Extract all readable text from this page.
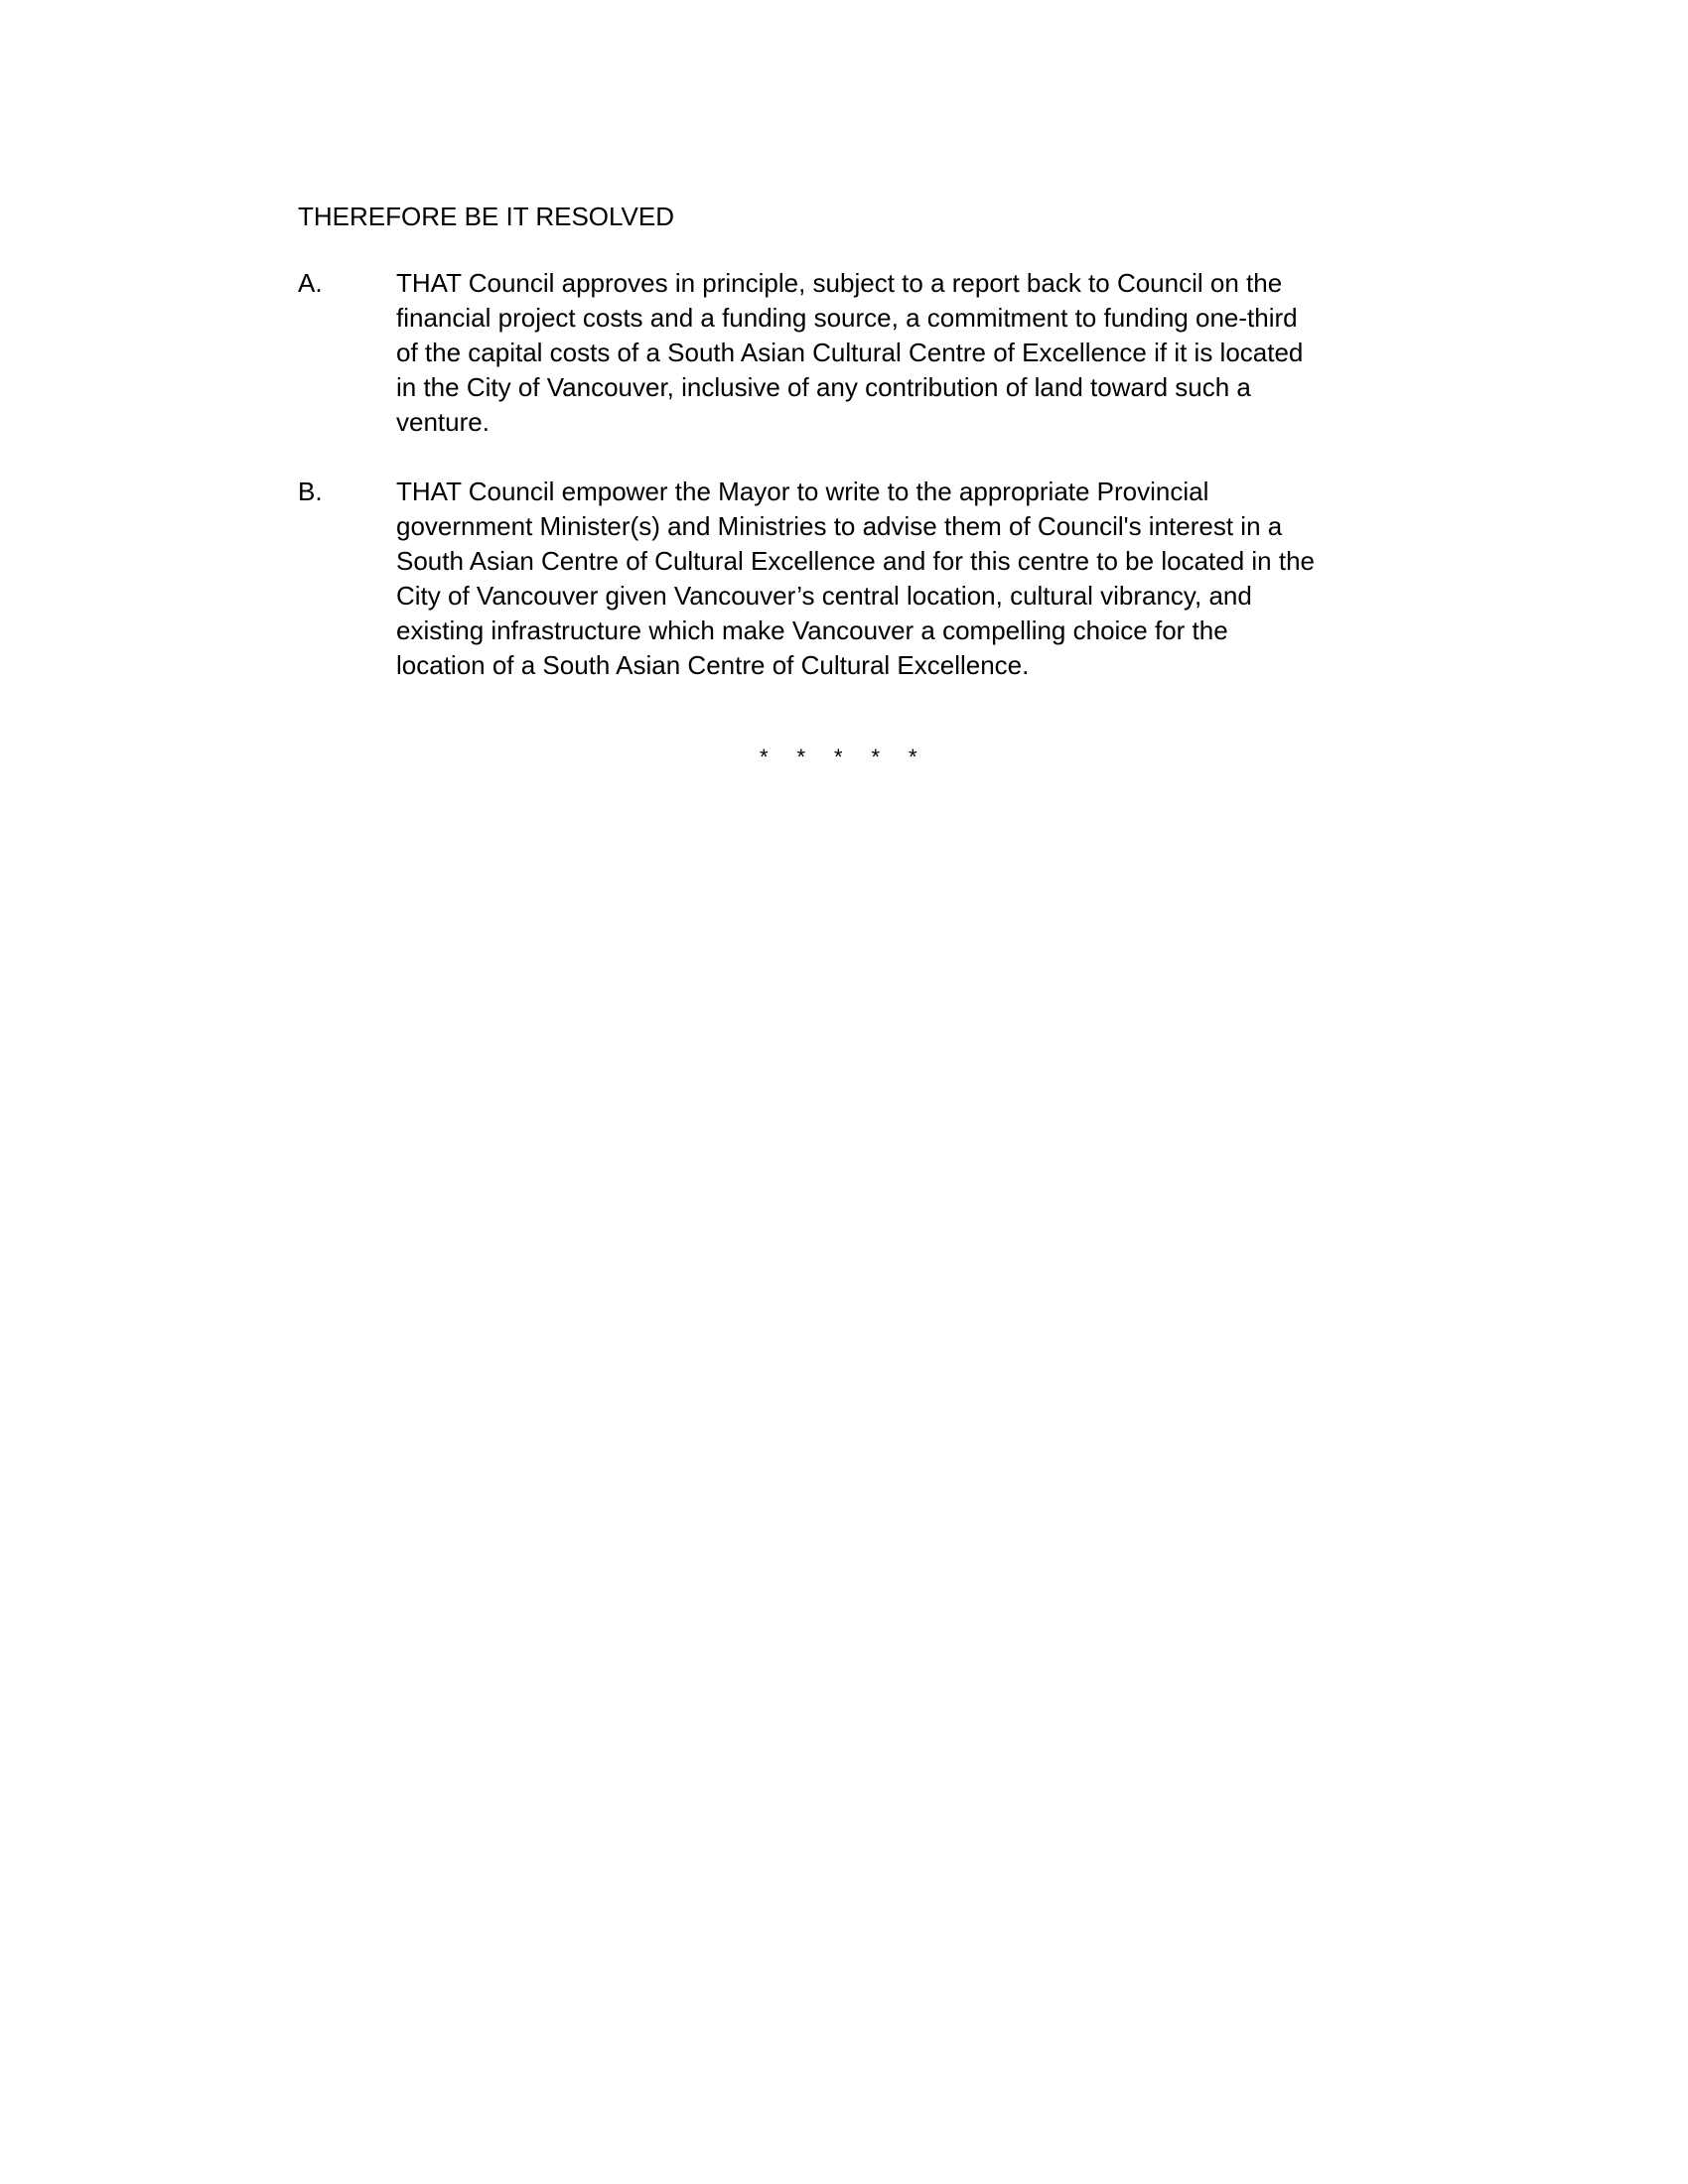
THEREFORE BE IT RESOLVED
A.	THAT Council approves in principle, subject to a report back to Council on the
financial project costs and a funding source, a commitment to funding one-third
of the capital costs of a South Asian Cultural Centre of Excellence if it is located
in the City of Vancouver, inclusive of any contribution of land toward such a
venture.
B.	THAT Council empower the Mayor to write to the appropriate Provincial
government Minister(s) and Ministries to advise them of Council's interest in a
South Asian Centre of Cultural Excellence and for this centre to be located in the
City of Vancouver given Vancouver’s central location, cultural vibrancy, and
existing infrastructure which make Vancouver a compelling choice for the
location of a South Asian Centre of Cultural Excellence.
* * * * *
